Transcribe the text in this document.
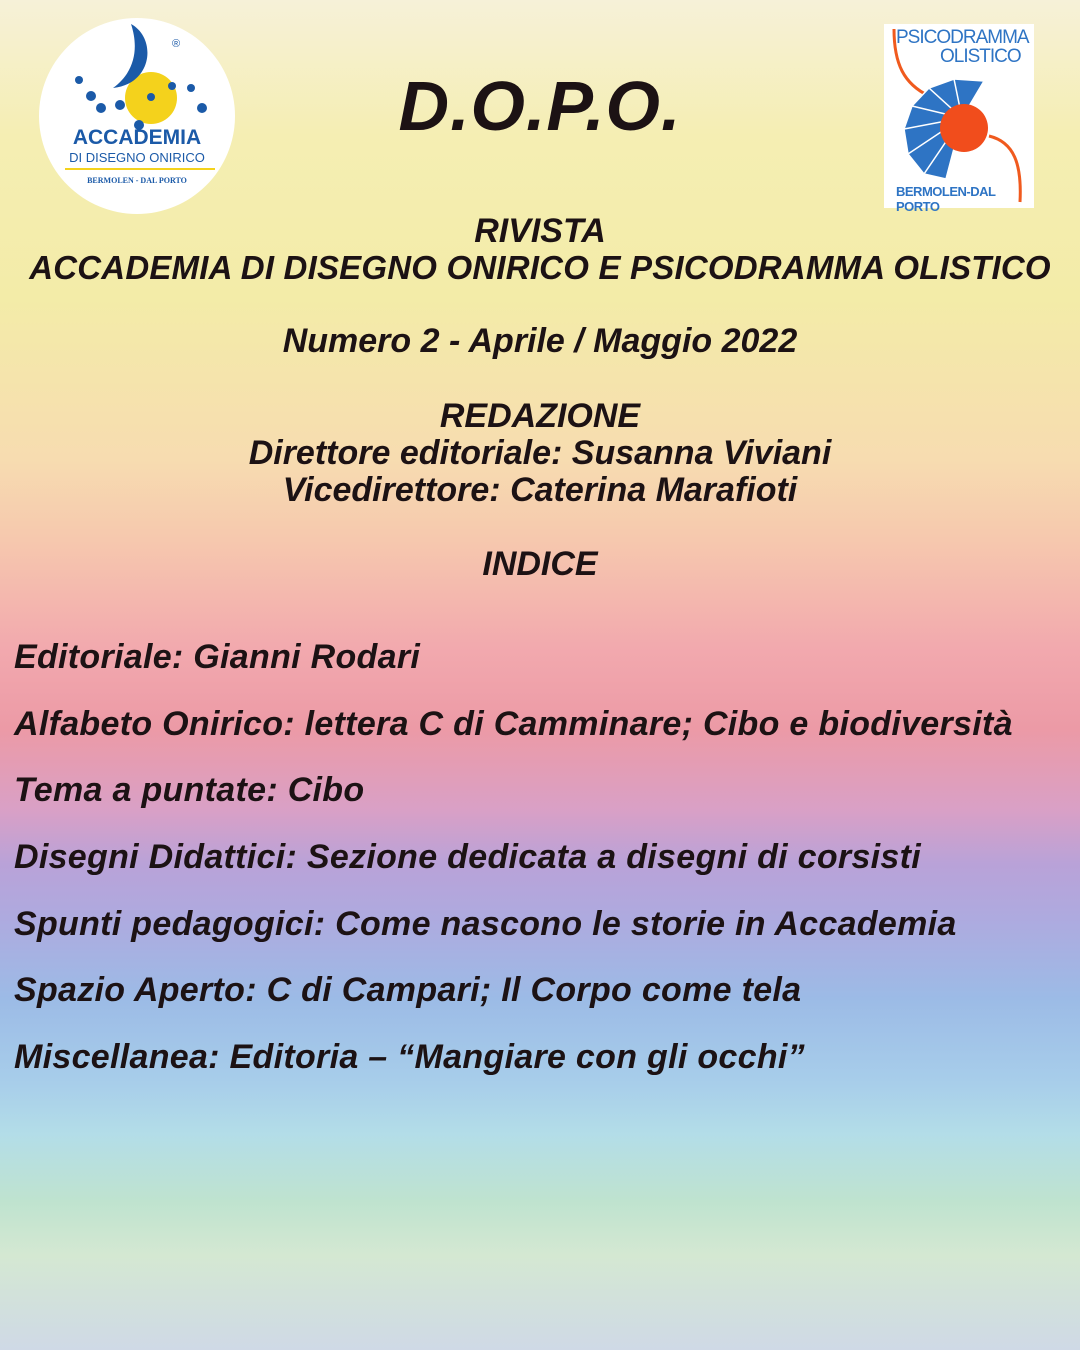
®
ACCADEMIA
DI DISEGNO ONIRICO
BERMOLEN - DAL PORTO
PSICODRAMMA
OLISTICO
BERMOLEN-DAL PORTO
D.O.P.O.
RIVISTA
ACCADEMIA DI DISEGNO ONIRICO E PSICODRAMMA OLISTICO
Numero 2 - Aprile / Maggio 2022
REDAZIONE
Direttore editoriale: Susanna Viviani
Vicedirettore: Caterina Marafioti
INDICE
Editoriale: Gianni Rodari
Alfabeto Onirico: lettera C di Camminare; Cibo e biodiversità
Tema a puntate: Cibo
Disegni Didattici: Sezione dedicata a disegni di corsisti
Spunti pedagogici: Come nascono le storie in Accademia
Spazio Aperto: C di Campari; Il Corpo come tela
Miscellanea: Editoria – “Mangiare con gli occhi”
